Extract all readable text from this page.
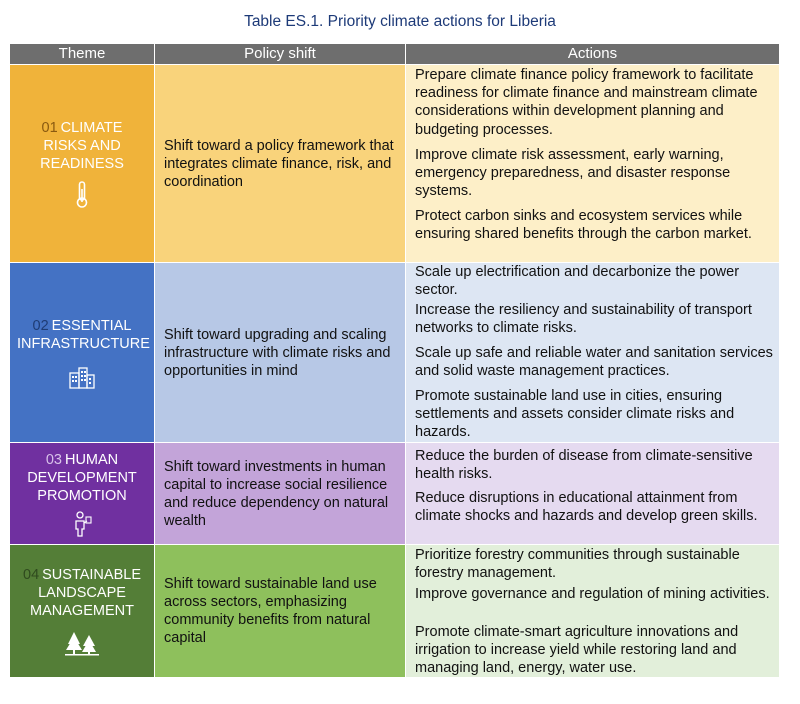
Table ES.1. Priority climate actions for Liberia
Theme	Policy shift	Actions
01 CLIMATE RISKS AND READINESS
Shift toward a policy framework that integrates climate finance, risk, and coordination
Prepare climate finance policy framework to facilitate readiness for climate finance and mainstream climate considerations within development planning and budgeting processes.
Improve climate risk assessment, early warning, emergency preparedness, and disaster response systems.
Protect carbon sinks and ecosystem services while ensuring shared benefits through the carbon market.
02 ESSENTIAL INFRASTRUCTURE
Shift toward upgrading and scaling infrastructure with climate risks and opportunities in mind
Scale up electrification and decarbonize the power sector.
Increase the resiliency and sustainability of transport networks to climate risks.
Scale up safe and reliable water and sanitation services and solid waste management practices.
Promote sustainable land use in cities, ensuring settlements and assets consider climate risks and hazards.
03 HUMAN DEVELOPMENT PROMOTION
Shift toward investments in human capital to increase social resilience and reduce dependency on natural wealth
Reduce the burden of disease from climate-sensitive health risks.
Reduce disruptions in educational attainment from climate shocks and hazards and develop green skills.
04 SUSTAINABLE LANDSCAPE MANAGEMENT
Shift toward sustainable land use across sectors, emphasizing community benefits from natural capital
Prioritize forestry communities through sustainable forestry management.
Improve governance and regulation of mining activities.
Promote climate-smart agriculture innovations and irrigation to increase yield while restoring land and managing land, energy, water use.
